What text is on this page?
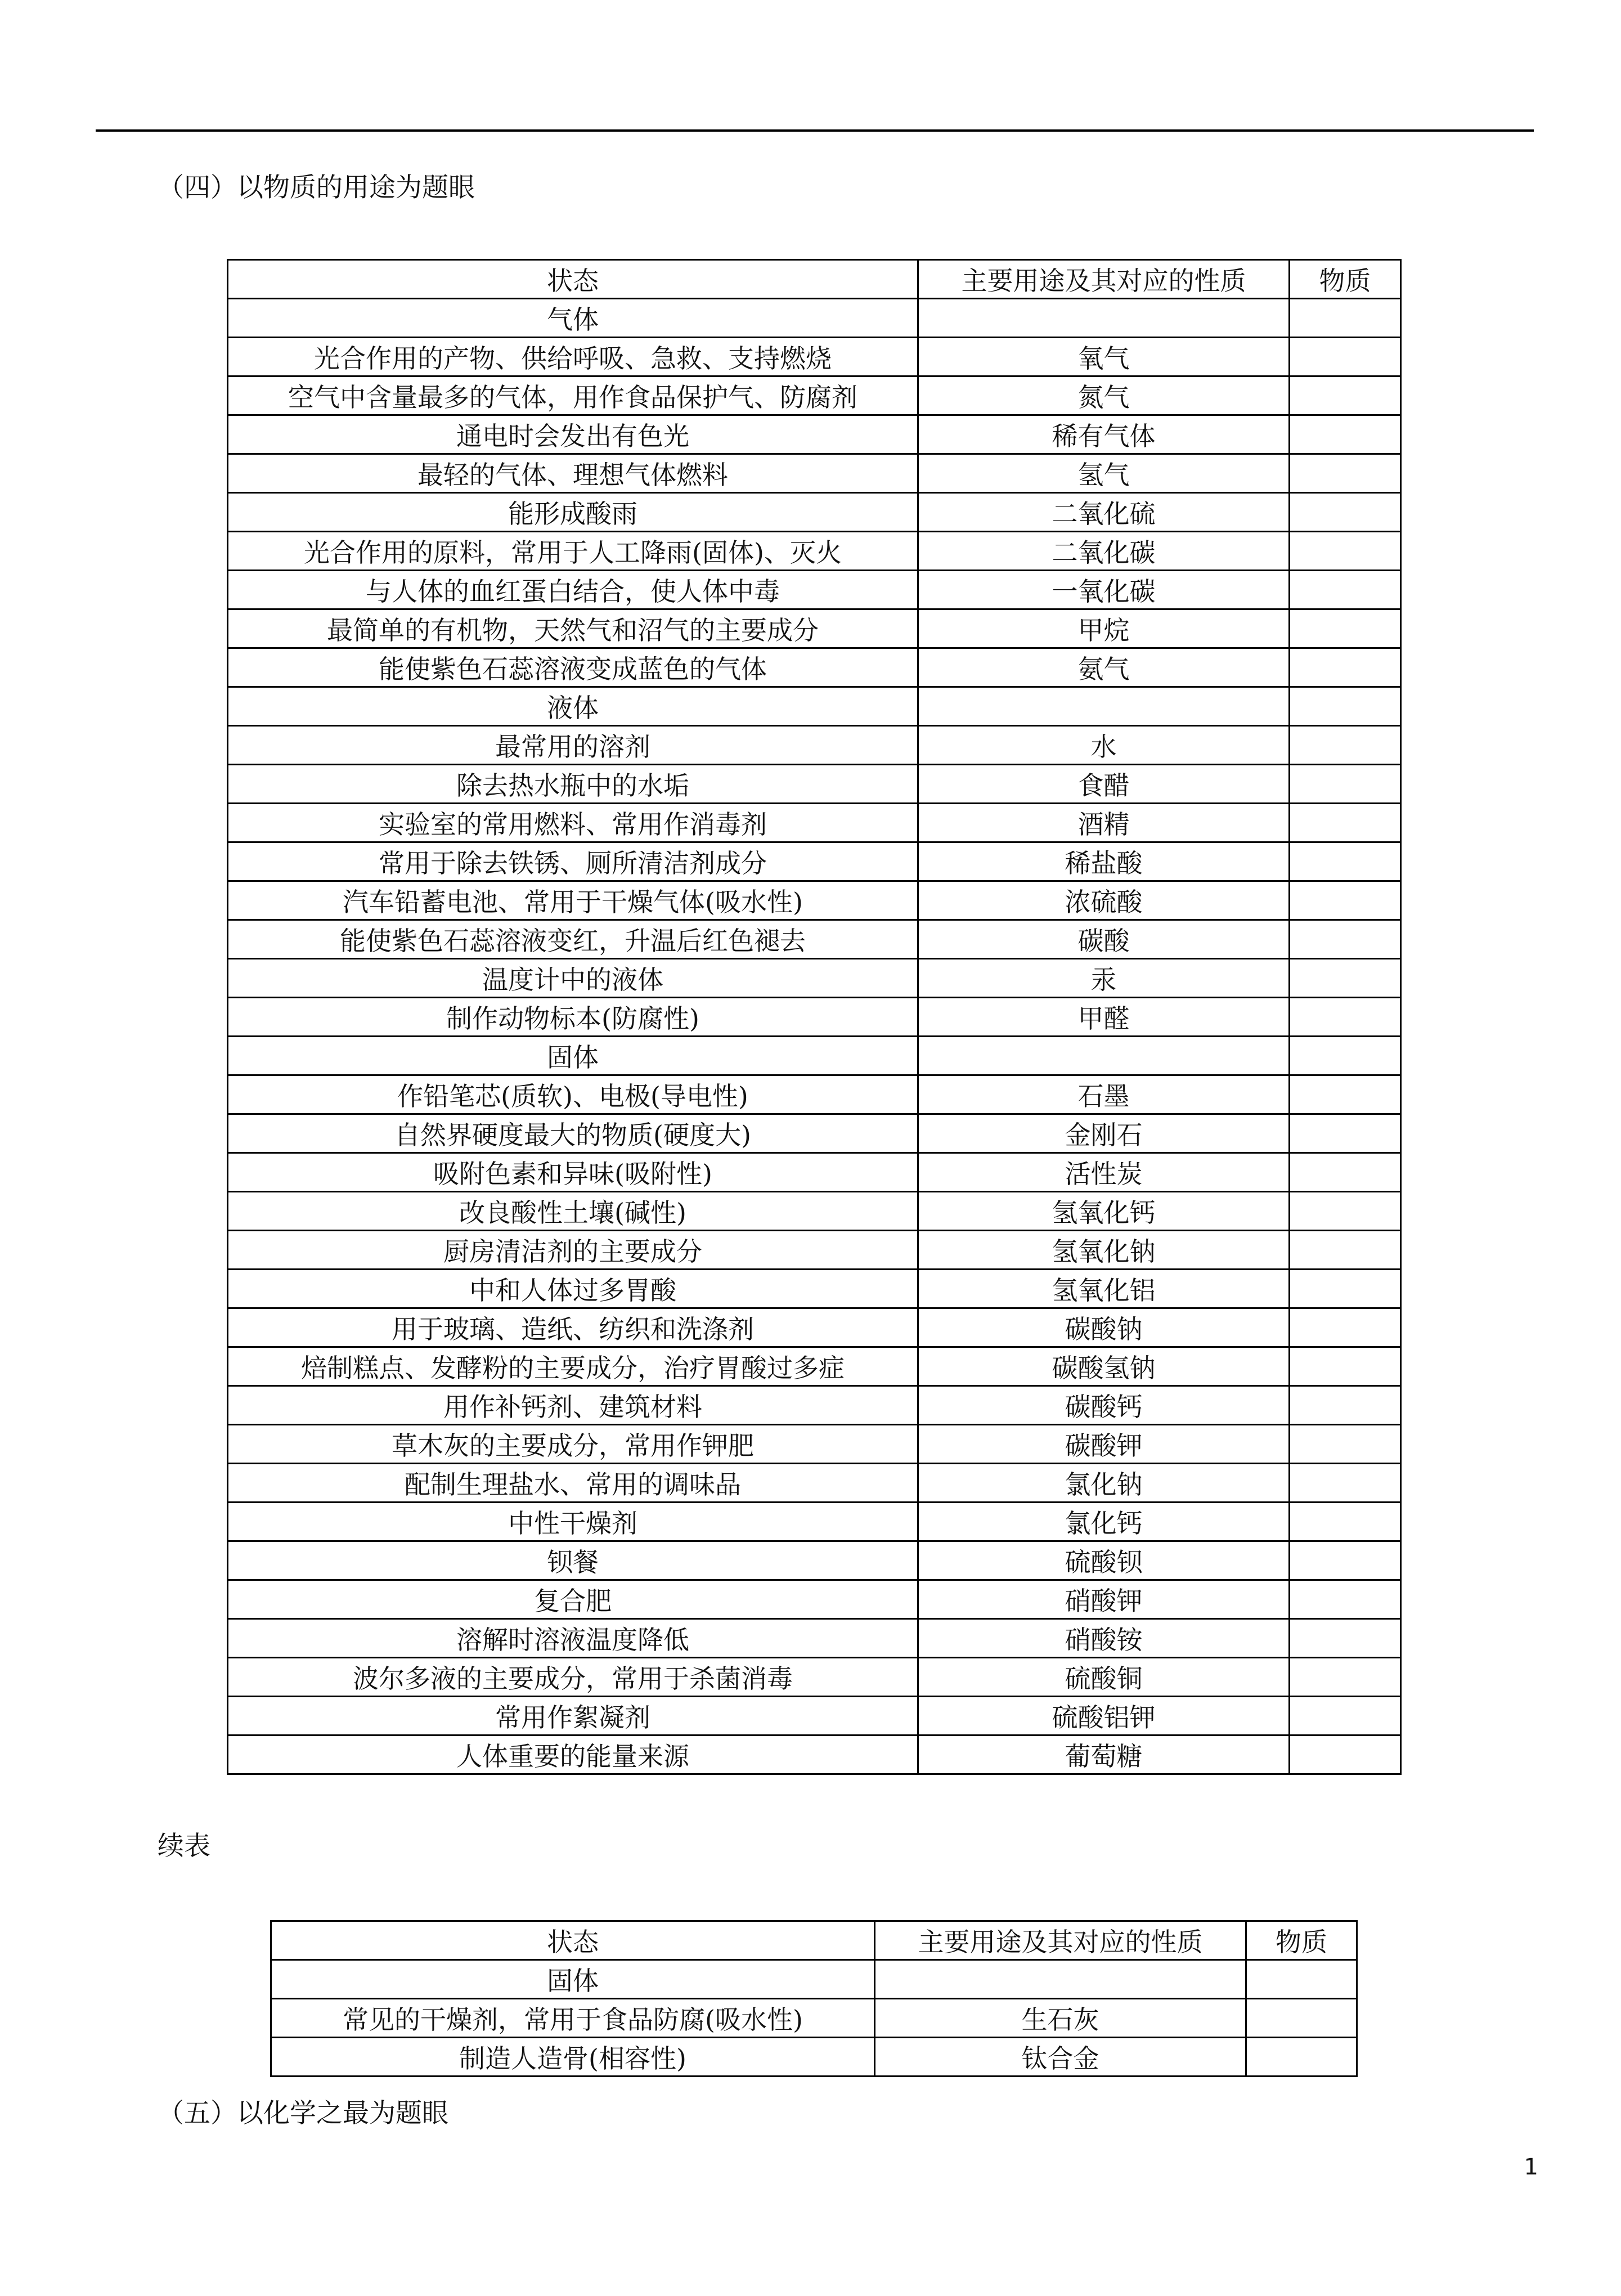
（四）以物质的用途为题眼
状态	主要用途及其对应的性质	物质
气体		
光合作用的产物、供给呼吸、急救、支持燃烧	氧气	
空气中含量最多的气体，用作食品保护气、防腐剂	氮气	
通电时会发出有色光	稀有气体	
最轻的气体、理想气体燃料	氢气	
能形成酸雨	二氧化硫	
光合作用的原料，常用于人工降雨(固体)、灭火	二氧化碳	
与人体的血红蛋白结合，使人体中毒	一氧化碳	
最简单的有机物，天然气和沼气的主要成分	甲烷	
能使紫色石蕊溶液变成蓝色的气体	氨气	
液体		
最常用的溶剂	水	
除去热水瓶中的水垢	食醋	
实验室的常用燃料、常用作消毒剂	酒精	
常用于除去铁锈、厕所清洁剂成分	稀盐酸	
汽车铅蓄电池、常用于干燥气体(吸水性)	浓硫酸	
能使紫色石蕊溶液变红，升温后红色褪去	碳酸	
温度计中的液体	汞	
制作动物标本(防腐性)	甲醛	
固体		
作铅笔芯(质软)、电极(导电性)	石墨	
自然界硬度最大的物质(硬度大)	金刚石	
吸附色素和异味(吸附性)	活性炭	
改良酸性土壤(碱性)	氢氧化钙	
厨房清洁剂的主要成分	氢氧化钠	
中和人体过多胃酸	氢氧化铝	
用于玻璃、造纸、纺织和洗涤剂	碳酸钠	
焙制糕点、发酵粉的主要成分，治疗胃酸过多症	碳酸氢钠	
用作补钙剂、建筑材料	碳酸钙	
草木灰的主要成分，常用作钾肥	碳酸钾	
配制生理盐水、常用的调味品	氯化钠	
中性干燥剂	氯化钙	
钡餐	硫酸钡	
复合肥	硝酸钾	
溶解时溶液温度降低	硝酸铵	
波尔多液的主要成分，常用于杀菌消毒	硫酸铜	
常用作絮凝剂	硫酸铝钾	
人体重要的能量来源	葡萄糖	
续表
状态	主要用途及其对应的性质	物质
固体		
常见的干燥剂，常用于食品防腐(吸水性)	生石灰	
制造人造骨(相容性)	钛合金	
（五）以化学之最为题眼
1
